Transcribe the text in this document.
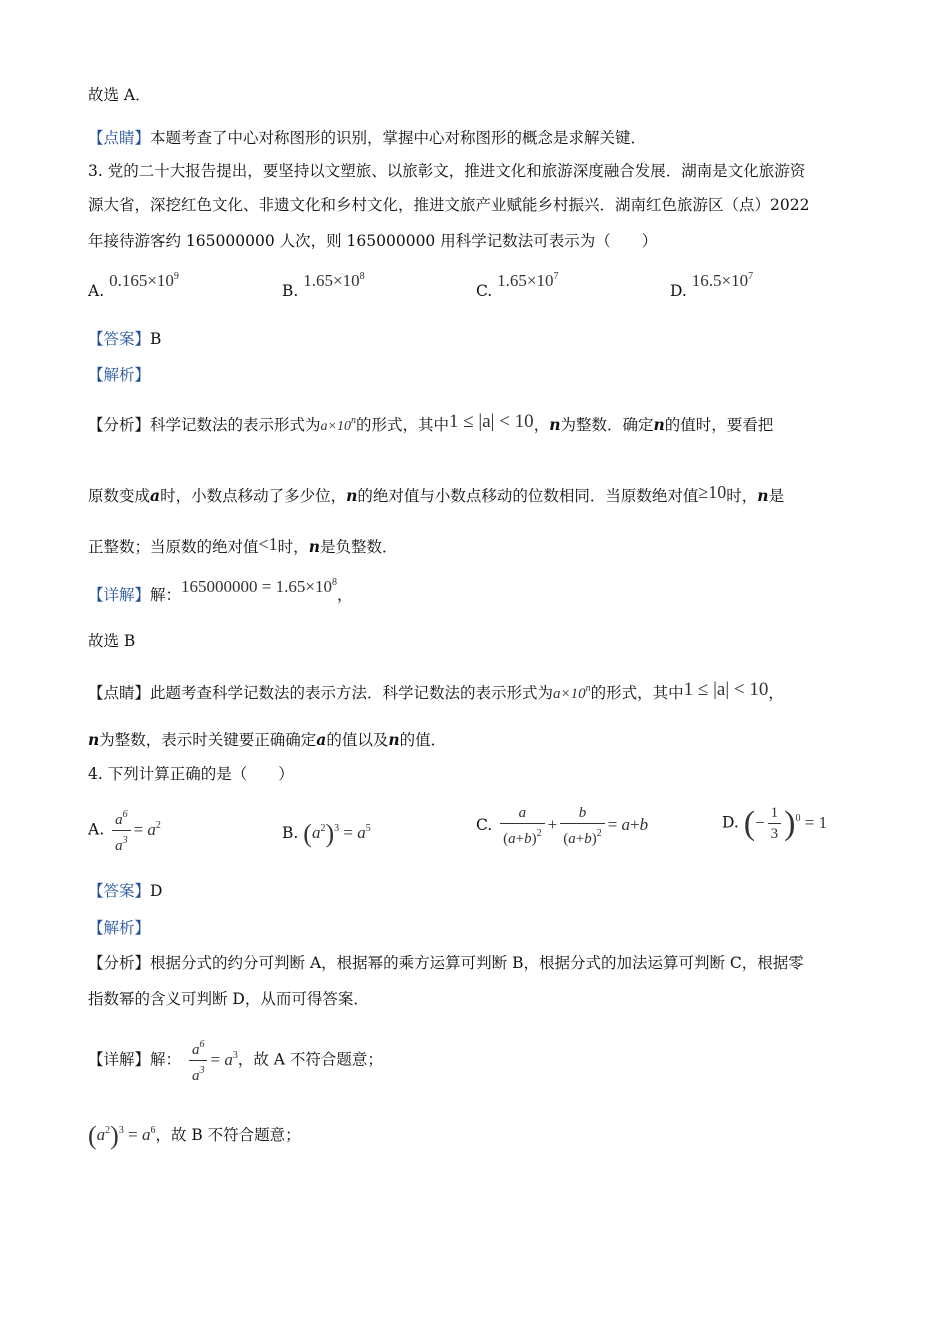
故选 A．
【点睛】本题考查了中心对称图形的识别，掌握中心对称图形的概念是求解关键．
3. 党的二十大报告提出，要坚持以文塑旅、以旅彰文，推进文化和旅游深度融合发展．湖南是文化旅游资
源大省，深挖红色文化、非遗文化和乡村文化，推进文旅产业赋能乡村振兴．湖南红色旅游区（点）2022
年接待游客约 165000000 人次，则 165000000 用科学记数法可表示为（　　）
A. $0.165\times 10^9$
B. $1.65\times 10^8$
C. $1.65\times 10^7$
D. $16.5\times 10^7$
【答案】B
【解析】
【分析】科学记数法的表示形式为$a\times 10^n$的形式，其中1 ≤ |a| < 10，n为整数．确定n的值时，要看把
原数变成a时，小数点移动了多少位，n的绝对值与小数点移动的位数相同．当原数绝对值≥10时，n是
正整数；当原数的绝对值<1时，n是负整数．
【详解】解：$165000000 = 1.65\times 10^8$，
故选 B
【点睛】此题考查科学记数法的表示方法．科学记数法的表示形式为$a\times 10^n$的形式，其中1 ≤ |a| < 10，
n为整数，表示时关键要正确确定a的值以及n的值．
4. 下列计算正确的是（　　）
A. $\frac{a^6}{a^3} = a^2$	B. $(a^2)^3 = a^5$	C. $\frac{a}{(a+b)^2} + \frac{b}{(a+b)^2} = a+b$	D. (− $\frac{1}{3} )^0 = 1$
【答案】D
【解析】
【分析】根据分式的约分可判断 A，根据幂的乘方运算可判断 B，根据分式的加法运算可判断 C，根据零
指数幂的含义可判断 D，从而可得答案．
【详解】解： $\frac{a^6}{a^3} = a^3$，故 A 不符合题意；
$(a^2)^3 = a^6$，故 B 不符合题意；
